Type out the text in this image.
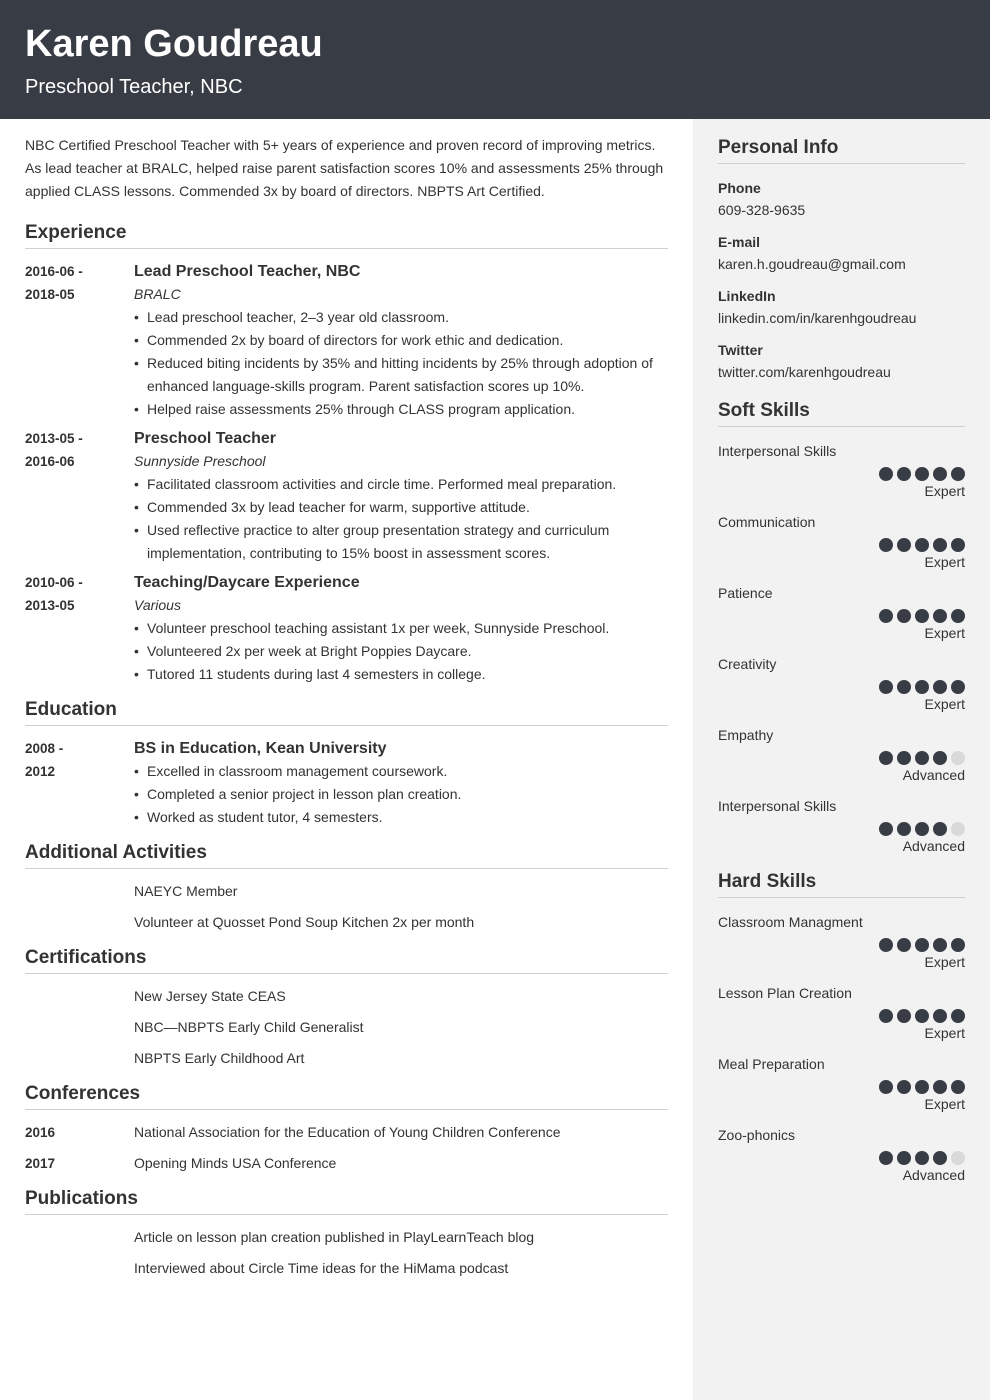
Karen Goudreau
Preschool Teacher, NBC

NBC Certified Preschool Teacher with 5+ years of experience and proven record of improving metrics. As lead teacher at BRALC, helped raise parent satisfaction scores 10% and assessments 25% through applied CLASS lessons. Commended 3x by board of directors. NBPTS Art Certified.

Experience
2016-06 -
2018-05
Lead Preschool Teacher, NBC
BRALC
• Lead preschool teacher, 2–3 year old classroom.
• Commended 2x by board of directors for work ethic and dedication.
• Reduced biting incidents by 35% and hitting incidents by 25% through adoption of enhanced language-skills program. Parent satisfaction scores up 10%.
• Helped raise assessments 25% through CLASS program application.
2013-05 -
2016-06
Preschool Teacher
Sunnyside Preschool
• Facilitated classroom activities and circle time. Performed meal preparation.
• Commended 3x by lead teacher for warm, supportive attitude.
• Used reflective practice to alter group presentation strategy and curriculum implementation, contributing to 15% boost in assessment scores.
2010-06 -
2013-05
Teaching/Daycare Experience
Various
• Volunteer preschool teaching assistant 1x per week, Sunnyside Preschool.
• Volunteered 2x per week at Bright Poppies Daycare.
• Tutored 11 students during last 4 semesters in college.
Education
2008 -
2012
BS in Education, Kean University
• Excelled in classroom management coursework.
• Completed a senior project in lesson plan creation.
• Worked as student tutor, 4 semesters.
Additional Activities
NAEYC Member
Volunteer at Quosset Pond Soup Kitchen 2x per month
Certifications
New Jersey State CEAS
NBC—NBPTS Early Child Generalist
NBPTS Early Childhood Art
Conferences
2016	National Association for the Education of Young Children Conference
2017	Opening Minds USA Conference
Publications
Article on lesson plan creation published in PlayLearnTeach blog
Interviewed about Circle Time ideas for the HiMama podcast
Personal Info
Phone
609-328-9635
E-mail
karen.h.goudreau@gmail.com
LinkedIn
linkedin.com/in/karenhgoudreau
Twitter
twitter.com/karenhgoudreau
Soft Skills
Interpersonal Skills
Expert
Communication
Expert
Patience
Expert
Creativity
Expert
Empathy
Advanced
Interpersonal Skills
Advanced
Hard Skills
Classroom Managment
Expert
Lesson Plan Creation
Expert
Meal Preparation
Expert
Zoo-phonics
Advanced
